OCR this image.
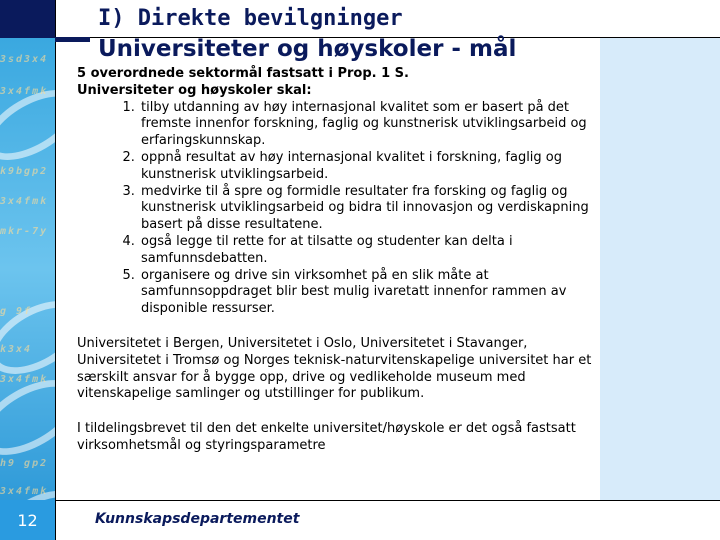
3sd3x4
3x4fmk
k9bgp2
3x4fmk
mkr-7y
g 9f
k3x4
3x4fmk
h9 gp2
3x4fmk
12
I) Direkte bevilgninger
Universiteter og høyskoler - mål

5 overordnede sektormål fastsatt i Prop. 1 S.

Universiteter og høyskoler skal:

1. tilby utdanning av høy internasjonal kvalitet som er basert på det fremste innenfor forskning, faglig og kunstnerisk utviklingsarbeid og erfaringskunnskap.
2. oppnå resultat av høy internasjonal kvalitet i forskning, faglig og kunstnerisk utviklingsarbeid.
3. medvirke til å spre og formidle resultater fra forsking og faglig og kunstnerisk utviklingsarbeid og bidra til innovasjon og verdiskapning basert på disse resultatene.
4. også legge til rette for at tilsatte og studenter kan delta i samfunnsdebatten.
5. organisere og drive sin virksomhet på en slik måte at samfunnsoppdraget blir best mulig ivaretatt innenfor rammen av disponible ressurser.

Universitetet i Bergen, Universitetet i Oslo, Universitetet i Stavanger, Universitetet i Tromsø og Norges teknisk-naturvitenskapelige universitet har et særskilt ansvar for å bygge opp, drive og vedlikeholde museum med vitenskapelige samlinger og utstillinger for publikum.

I tildelingsbrevet til den det enkelte universitet/høyskole er det også fastsatt virksomhetsmål og styringsparametre

Kunnskapsdepartementet
